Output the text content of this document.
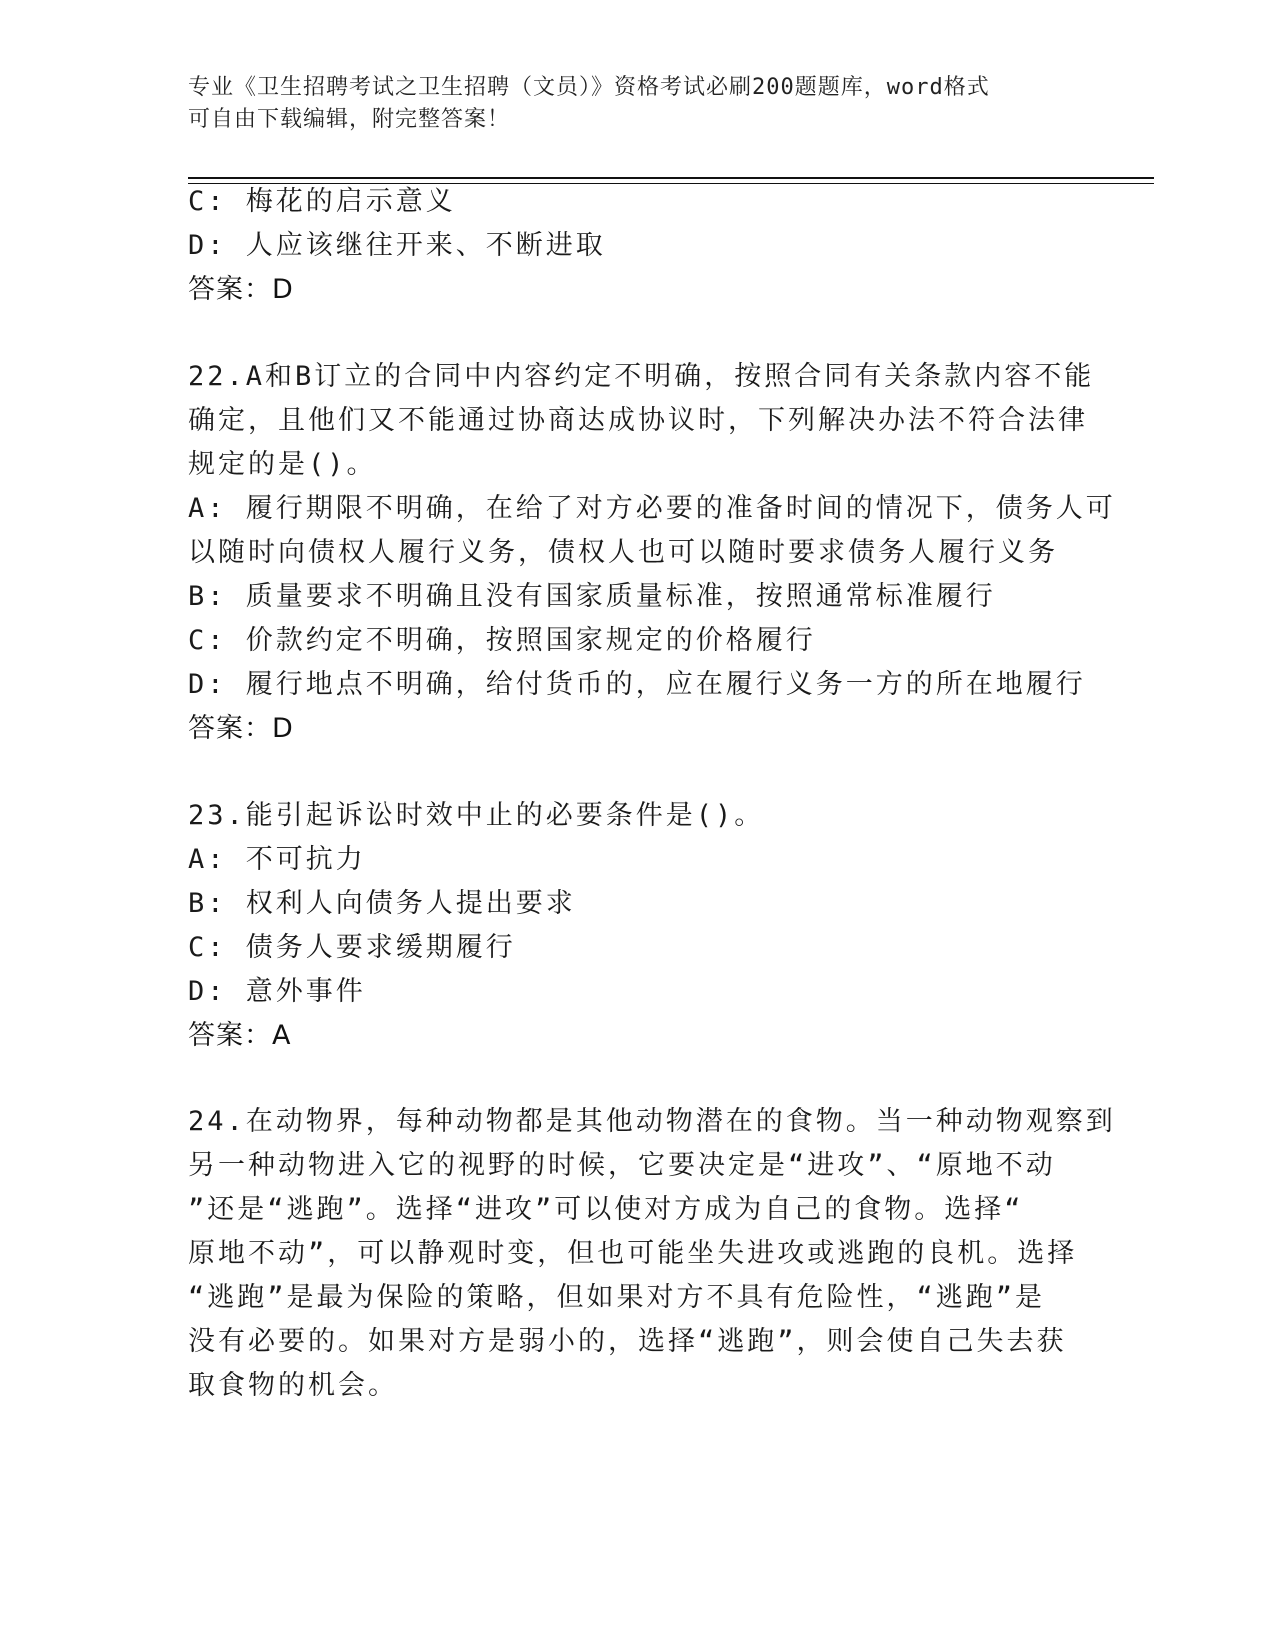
专业《卫生招聘考试之卫生招聘（文员）》资格考试必刷200题题库，word格式
可自由下载编辑，附完整答案！

C: 梅花的启示意义

D: 人应该继往开来、不断进取

答案：D

22.A和B订立的合同中内容约定不明确，按照合同有关条款内容不能

确定，且他们又不能通过协商达成协议时，下列解决办法不符合法律

规定的是()。

A: 履行期限不明确，在给了对方必要的准备时间的情况下，债务人可

以随时向债权人履行义务，债权人也可以随时要求债务人履行义务

B: 质量要求不明确且没有国家质量标准，按照通常标准履行

C: 价款约定不明确，按照国家规定的价格履行

D: 履行地点不明确，给付货币的，应在履行义务一方的所在地履行

答案：D

23.能引起诉讼时效中止的必要条件是()。

A: 不可抗力

B: 权利人向债务人提出要求

C: 债务人要求缓期履行

D: 意外事件

答案：A

24.在动物界，每种动物都是其他动物潜在的食物。当一种动物观察到

另一种动物进入它的视野的时候，它要决定是“进攻”、“原地不动

”还是“逃跑”。选择“进攻”可以使对方成为自己的食物。选择“

原地不动”，可以静观时变，但也可能坐失进攻或逃跑的良机。选择

“逃跑”是最为保险的策略，但如果对方不具有危险性，“逃跑”是

没有必要的。如果对方是弱小的，选择“逃跑”，则会使自己失去获

取食物的机会。
